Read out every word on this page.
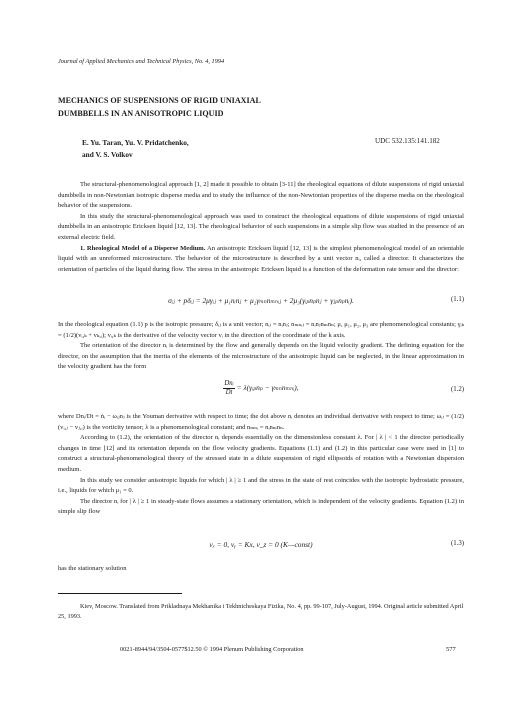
Journal of Applied Mechanics and Technical Physics, No. 4, 1994
MECHANICS OF SUSPENSIONS OF RIGID UNIAXIAL
DUMBBELLS IN AN ANISOTROPIC LIQUID
E. Yu. Taran, Yu. V. Pridatchenko,
and V. S. Volkov
UDC 532.135:141.182

The structural-phenomenological approach [1, 2] made it possible to obtain [3-11] the rheological equations of dilute suspensions of rigid uniaxial dumbbells in non-Newtonian isotropic disperse media and to study the influence of the non-Newtonian properties of the disperse media on the rheological behavior of the suspensions.

In this study the structural-phenomenological approach was used to construct the rheological equations of dilute suspensions of rigid uniaxial dumbbells in an anisotropic Ericksen liquid [12, 13]. The rheological behavior of such suspensions in a simple slip flow was studied in the presence of an external electric field.

1. Rheological Model of a Disperse Medium. An anisotropic Ericksen liquid [12, 13] is the simplest phenomenological model of an orientable liquid with an unreformed microstructure. The behavior of the microstructure is described by a unit vector nᵢ, called a director. It characterizes the orientation of particles of the liquid during flow. The stress in the anisotropic Ericksen liquid is a function of the deformation rate tensor and the director:

σᵢⱼ + pδᵢⱼ = 2μγᵢⱼ + μ₁nᵢnⱼ + μ₂γₘₙnₘₙᵢⱼ + 2μ₃(γᵢₚnₚnⱼ + γⱼₚnₚnᵢ).	(1.1)

In the rheological equation (1.1) p is the isotropic pressure; δᵢⱼ is a unit vector; nᵢⱼ = nᵢnⱼ; nₘₙᵢⱼ = nᵢnⱼnₘnₙ; μ, μ₁, μ₂, μ₃ are phenomenological constants; γᵢₖ = (1/2)(vᵢ,ₖ + vₖ,ᵢ); vᵢ,ₖ is the derivative of the velocity vector vᵢ in the direction of the coordinate of the k axis.

The orientation of the director nᵢ is determined by the flow and generally depends on the liquid velocity gradient. The defining equation for the director, on the assumption that the inertia of the elements of the microstructure of the anisotropic liquid can be neglected, in the linear approximation in the velocity gradient has the form

$\frac{\text{Dnᵢ}}{Dt}$ = λ(γᵢₚnₚ − γₘₙnₘₙᵢ),	(1.2)

where Dnᵢ/Dt = ṅᵢ − ωᵢⱼnⱼ is the Youman derivative with respect to time; the dot above nᵢ denotes an individual derivative with respect to time; ωᵢⱼ = (1/2)(vᵢ,ⱼ − vⱼ,ᵢ) is the vorticity tensor; λ is a phenomenological constant; and nₘₙᵢ = nᵢnₘnₙ.

According to (1.2), the orientation of the director nᵢ depends essentially on the dimensionless constant λ. For | λ | < 1 the director periodically changes in time [12] and its orientation depends on the flow velocity gradients. Equations (1.1) and (1.2) in this particular case were used in [1] to construct a structural-phenomenological theory of the stressed state in a dilute suspension of rigid ellipsoids of rotation with a Newtonian dispersion medium.

In this study we consider anisotropic liquids for which | λ | ≥ 1 and the stress in the state of rest coincides with the isotropic hydrostatic pressure, i.e., liquids for which μ₁ = 0.

The director nᵢ for | λ | ≥ 1 in steady-state flows assumes a stationary orientation, which is independent of the velocity gradients. Equation (1.2) in simple slip flow

vₓ = 0, vᵧ = Kx, v_z = 0 (K—const)	(1.3)

has the stationary solution

Kiev, Moscow. Translated from Prikladnaya Mekhanika i Tekhnicheskaya Fizika, No. 4, pp. 99-107, July-August, 1994. Original article submitted April 25, 1993.

0021-8944/94/3504-0577$12.50 © 1994 Plenum Publishing Corporation	577
